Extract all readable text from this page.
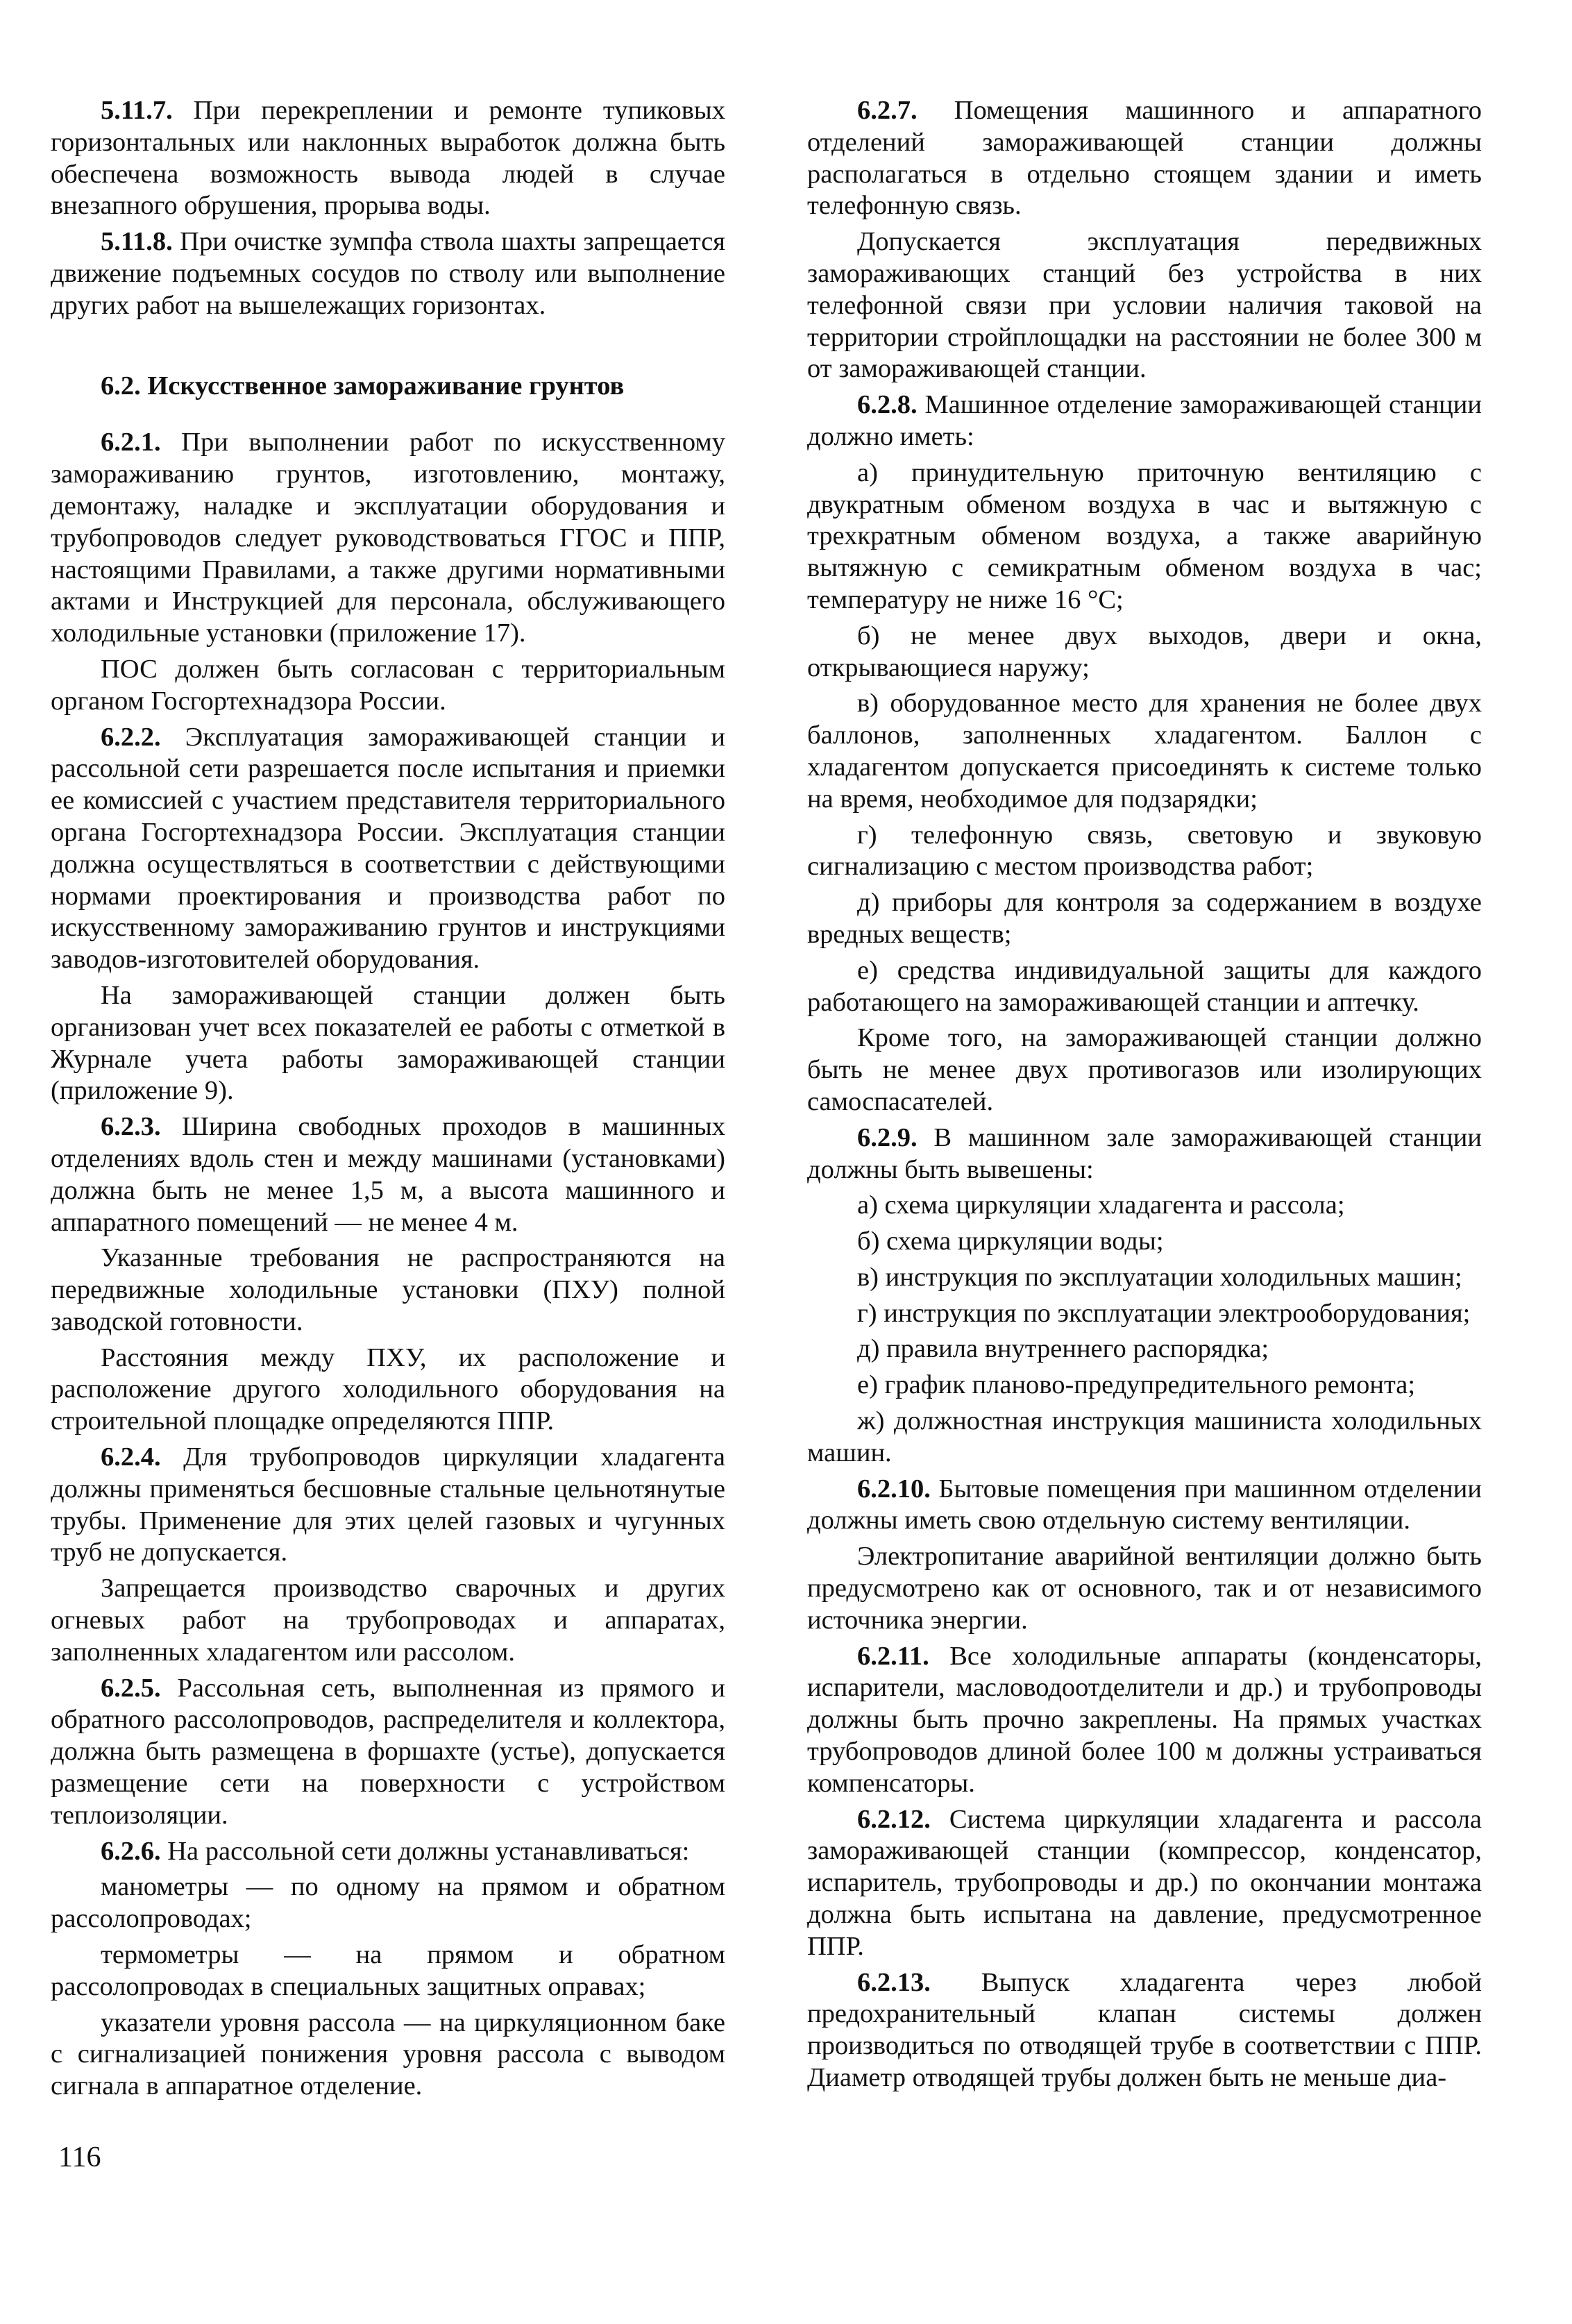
5.11.7. При перекреплении и ремонте тупиковых горизонтальных или наклонных выработок должна быть обеспечена возможность вывода людей в случае внезапного обрушения, прорыва воды.

5.11.8. При очистке зумпфа ствола шахты запрещается движение подъемных сосудов по стволу или выполнение других работ на вышележащих горизонтах.

6.2. Искусственное замораживание грунтов

6.2.1. При выполнении работ по искусственному замораживанию грунтов, изготовлению, монтажу, демонтажу, наладке и эксплуатации оборудования и трубопроводов следует руководствоваться ГГОС и ППР, настоящими Правилами, а также другими нормативными актами и Инструкцией для персонала, обслуживающего холодильные установки (приложение 17).

ПОС должен быть согласован с территориальным органом Госгортехнадзора России.

6.2.2. Эксплуатация замораживающей станции и рассольной сети разрешается после испытания и приемки ее комиссией с участием представителя территориального органа Госгортехнадзора России. Эксплуатация станции должна осуществляться в соответствии с действующими нормами проектирования и производства работ по искусственному замораживанию грунтов и инструкциями заводов-изготовителей оборудования.

На замораживающей станции должен быть организован учет всех показателей ее работы с отметкой в Журнале учета работы замораживающей станции (приложение 9).

6.2.3. Ширина свободных проходов в машинных отделениях вдоль стен и между машинами (установками) должна быть не менее 1,5 м, а высота машинного и аппаратного помещений — не менее 4 м.

Указанные требования не распространяются на передвижные холодильные установки (ПХУ) полной заводской готовности.

Расстояния между ПХУ, их расположение и расположение другого холодильного оборудования на строительной площадке определяются ППР.

6.2.4. Для трубопроводов циркуляции хладагента должны применяться бесшовные стальные цельнотянутые трубы. Применение для этих целей газовых и чугунных труб не допускается.

Запрещается производство сварочных и других огневых работ на трубопроводах и аппаратах, заполненных хладагентом или рассолом.

6.2.5. Рассольная сеть, выполненная из прямого и обратного рассолопроводов, распределителя и коллектора, должна быть размещена в форшахте (устье), допускается размещение сети на поверхности с устройством теплоизоляции.

6.2.6. На рассольной сети должны устанавливаться:

манометры — по одному на прямом и обратном рассолопроводах;

термометры — на прямом и обратном рассолопроводах в специальных защитных оправах;

указатели уровня рассола — на циркуляционном баке с сигнализацией понижения уровня рассола с выводом сигнала в аппаратное отделение.

6.2.7. Помещения машинного и аппаратного отделений замораживающей станции должны располагаться в отдельно стоящем здании и иметь телефонную связь.

Допускается эксплуатация передвижных замораживающих станций без устройства в них телефонной связи при условии наличия таковой на территории стройплощадки на расстоянии не более 300 м от замораживающей станции.

6.2.8. Машинное отделение замораживающей станции должно иметь:

а) принудительную приточную вентиляцию с двукратным обменом воздуха в час и вытяжную с трехкратным обменом воздуха, а также аварийную вытяжную с семикратным обменом воздуха в час; температуру не ниже 16 °С;

б) не менее двух выходов, двери и окна, открывающиеся наружу;

в) оборудованное место для хранения не более двух баллонов, заполненных хладагентом. Баллон с хладагентом допускается присоединять к системе только на время, необходимое для подзарядки;

г) телефонную связь, световую и звуковую сигнализацию с местом производства работ;

д) приборы для контроля за содержанием в воздухе вредных веществ;

е) средства индивидуальной защиты для каждого работающего на замораживающей станции и аптечку.

Кроме того, на замораживающей станции должно быть не менее двух противогазов или изолирующих самоспасателей.

6.2.9. В машинном зале замораживающей станции должны быть вывешены:

а) схема циркуляции хладагента и рассола;

б) схема циркуляции воды;

в) инструкция по эксплуатации холодильных машин;

г) инструкция по эксплуатации электрооборудования;

д) правила внутреннего распорядка;

е) график планово-предупредительного ремонта;

ж) должностная инструкция машиниста холодильных машин.

6.2.10. Бытовые помещения при машинном отделении должны иметь свою отдельную систему вентиляции.

Электропитание аварийной вентиляции должно быть предусмотрено как от основного, так и от независимого источника энергии.

6.2.11. Все холодильные аппараты (конденсаторы, испарители, масловодоотделители и др.) и трубопроводы должны быть прочно закреплены. На прямых участках трубопроводов длиной более 100 м должны устраиваться компенсаторы.

6.2.12. Система циркуляции хладагента и рассола замораживающей станции (компрессор, конденсатор, испаритель, трубопроводы и др.) по окончании монтажа должна быть испытана на давление, предусмотренное ППР.

6.2.13. Выпуск хладагента через любой предохранительный клапан системы должен производиться по отводящей трубе в соответствии с ППР. Диаметр отводящей трубы должен быть не меньше диа-

116
